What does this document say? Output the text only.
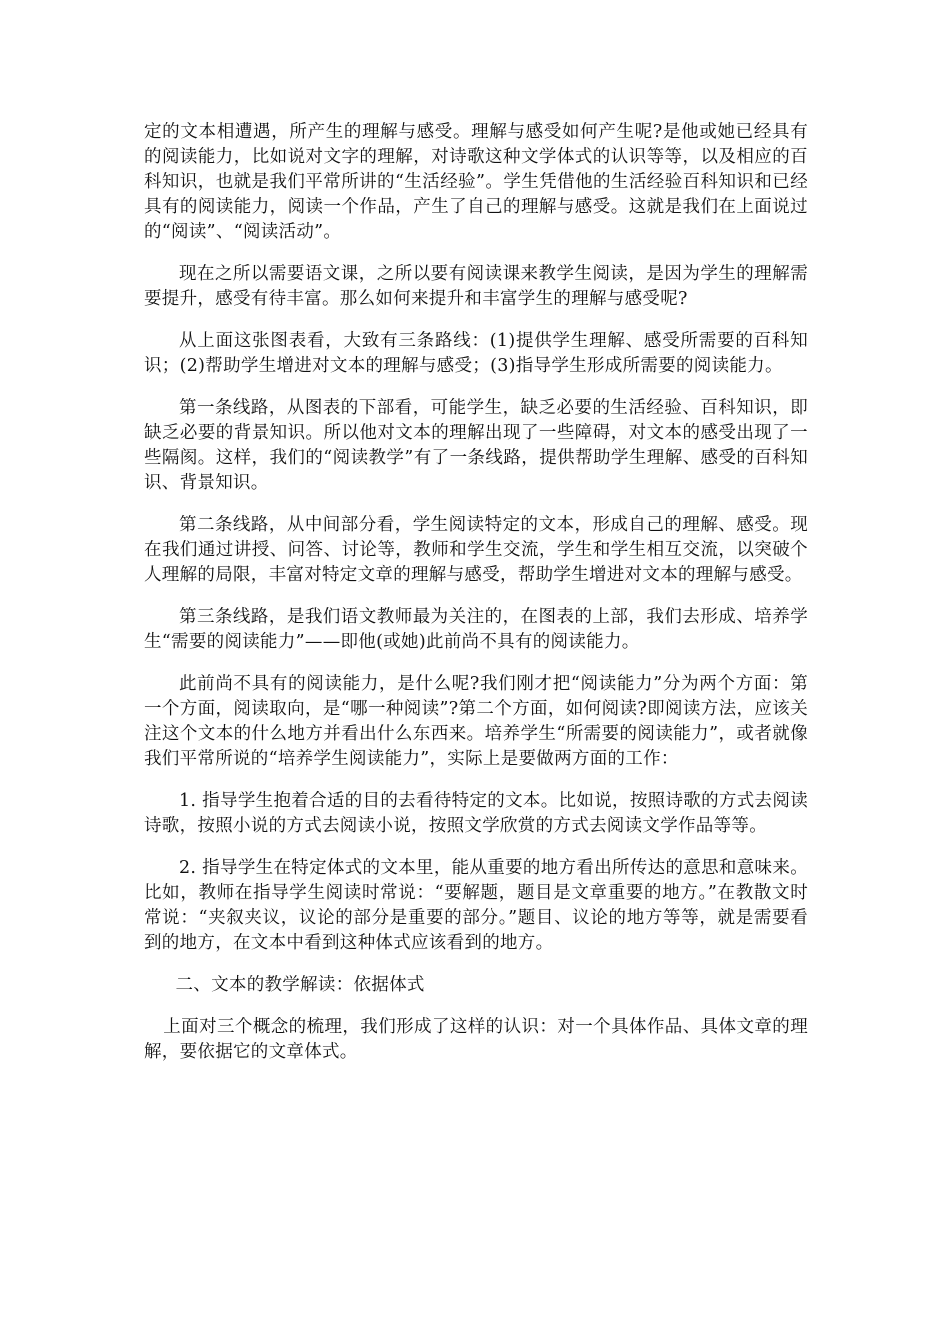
定的文本相遭遇，所产生的理解与感受。理解与感受如何产生呢?是他或她已经具有的阅读能力，比如说对文字的理解，对诗歌这种文学体式的认识等等，以及相应的百科知识，也就是我们平常所讲的“生活经验”。学生凭借他的生活经验百科知识和已经具有的阅读能力，阅读一个作品，产生了自己的理解与感受。这就是我们在上面说过的“阅读”、“阅读活动”。

现在之所以需要语文课，之所以要有阅读课来教学生阅读，是因为学生的理解需要提升，感受有待丰富。那么如何来提升和丰富学生的理解与感受呢?

从上面这张图表看，大致有三条路线：(1)提供学生理解、感受所需要的百科知识；(2)帮助学生增进对文本的理解与感受；(3)指导学生形成所需要的阅读能力。

第一条线路，从图表的下部看，可能学生，缺乏必要的生活经验、百科知识，即缺乏必要的背景知识。所以他对文本的理解出现了一些障碍，对文本的感受出现了一些隔阂。这样，我们的“阅读教学”有了一条线路，提供帮助学生理解、感受的百科知识、背景知识。

第二条线路，从中间部分看，学生阅读特定的文本，形成自己的理解、感受。现在我们通过讲授、问答、讨论等，教师和学生交流，学生和学生相互交流，以突破个人理解的局限，丰富对特定文章的理解与感受，帮助学生增进对文本的理解与感受。

第三条线路，是我们语文教师最为关注的，在图表的上部，我们去形成、培养学生“需要的阅读能力”——即他(或她)此前尚不具有的阅读能力。

此前尚不具有的阅读能力，是什么呢?我们刚才把“阅读能力”分为两个方面：第一个方面，阅读取向，是“哪一种阅读”?第二个方面，如何阅读?即阅读方法，应该关注这个文本的什么地方并看出什么东西来。培养学生“所需要的阅读能力”，或者就像我们平常所说的“培养学生阅读能力”，实际上是要做两方面的工作：

1. 指导学生抱着合适的目的去看待特定的文本。比如说，按照诗歌的方式去阅读诗歌，按照小说的方式去阅读小说，按照文学欣赏的方式去阅读文学作品等等。

2. 指导学生在特定体式的文本里，能从重要的地方看出所传达的意思和意味来。比如，教师在指导学生阅读时常说：“要解题，题目是文章重要的地方。”在教散文时常说：“夹叙夹议，议论的部分是重要的部分。”题目、议论的地方等等，就是需要看到的地方，在文本中看到这种体式应该看到的地方。

二、文本的教学解读：依据体式

上面对三个概念的梳理，我们形成了这样的认识：对一个具体作品、具体文章的理解，要依据它的文章体式。
